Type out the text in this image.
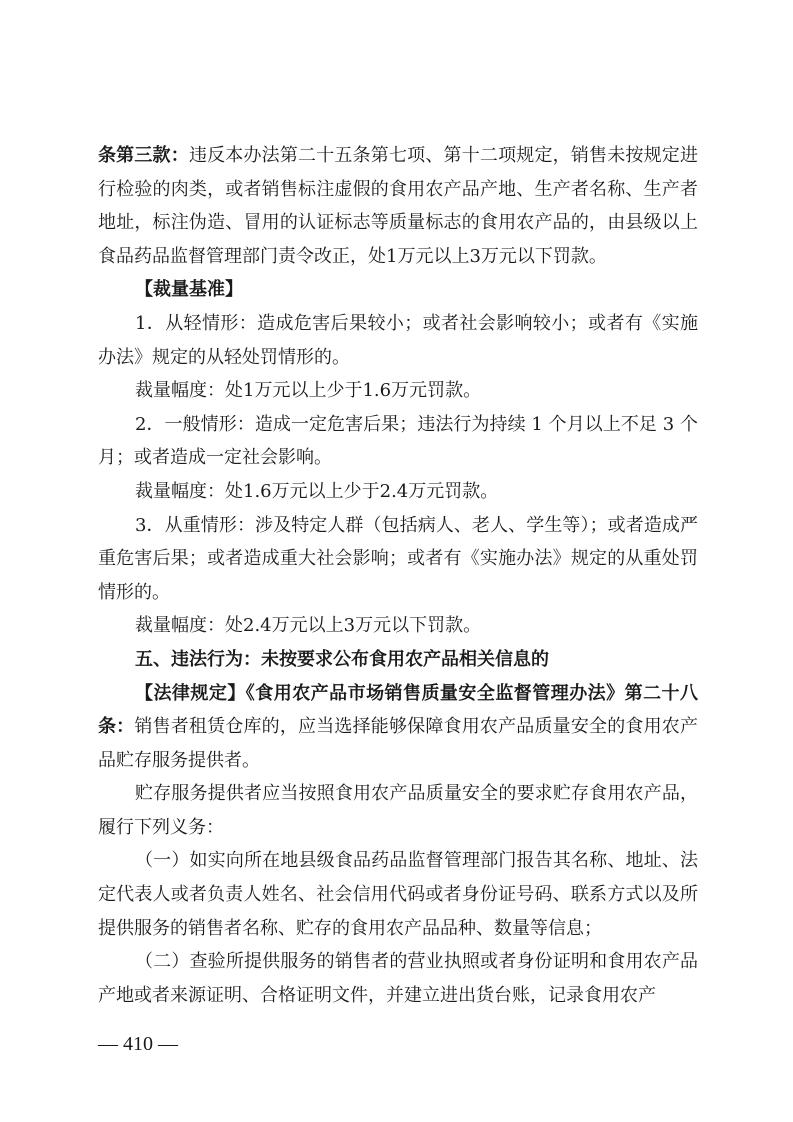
条第三款：违反本办法第二十五条第七项、第十二项规定，销售未按规定进行检验的肉类，或者销售标注虚假的食用农产品产地、生产者名称、生产者地址，标注伪造、冒用的认证标志等质量标志的食用农产品的，由县级以上食品药品监督管理部门责令改正，处1万元以上3万元以下罚款。

【裁量基准】

1．从轻情形：造成危害后果较小；或者社会影响较小；或者有《实施办法》规定的从轻处罚情形的。

裁量幅度：处1万元以上少于1.6万元罚款。

2．一般情形：造成一定危害后果；违法行为持续 1 个月以上不足 3 个月；或者造成一定社会影响。

裁量幅度：处1.6万元以上少于2.4万元罚款。

3．从重情形：涉及特定人群（包括病人、老人、学生等）；或者造成严重危害后果；或者造成重大社会影响；或者有《实施办法》规定的从重处罚情形的。

裁量幅度：处2.4万元以上3万元以下罚款。

五、违法行为：未按要求公布食用农产品相关信息的

【法律规定】《食用农产品市场销售质量安全监督管理办法》第二十八条：销售者租赁仓库的，应当选择能够保障食用农产品质量安全的食用农产品贮存服务提供者。

贮存服务提供者应当按照食用农产品质量安全的要求贮存食用农产品，履行下列义务：

（一）如实向所在地县级食品药品监督管理部门报告其名称、地址、法定代表人或者负责人姓名、社会信用代码或者身份证号码、联系方式以及所提供服务的销售者名称、贮存的食用农产品品种、数量等信息；

（二）查验所提供服务的销售者的营业执照或者身份证明和食用农产品产地或者来源证明、合格证明文件，并建立进出货台账，记录食用农产

— 410 —
